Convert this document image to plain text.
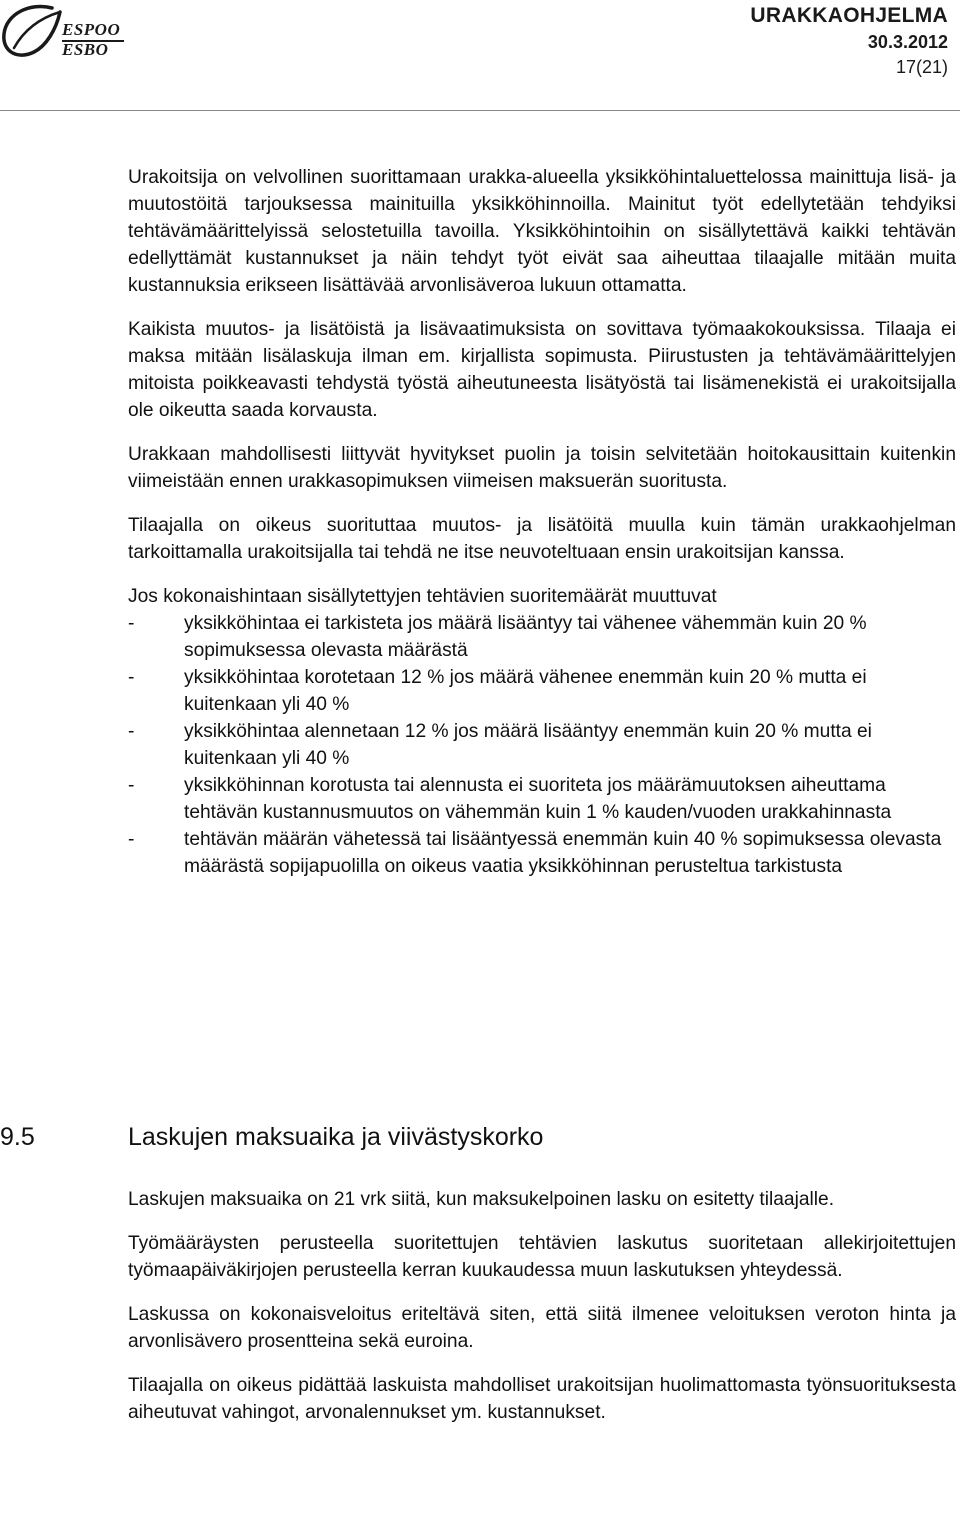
ESPOO
ESBO
URAKKAOHJELMA
30.3.2012
17(21)

Urakoitsija on velvollinen suorittamaan urakka-alueella yksikköhintaluettelossa mainittuja lisä- ja muutostöitä tarjouksessa mainituilla yksikköhinnoilla. Mainitut työt edellytetään tehdyiksi tehtävämäärittelyissä selostetuilla tavoilla. Yksikköhintoihin on sisällytettävä kaikki tehtävän edellyttämät kustannukset ja näin tehdyt työt eivät saa aiheuttaa tilaajalle mitään muita kustannuksia erikseen lisättävää arvonlisäveroa lukuun ottamatta.

Kaikista muutos- ja lisätöistä ja lisävaatimuksista on sovittava työmaakokouksissa. Tilaaja ei maksa mitään lisälaskuja ilman em. kirjallista sopimusta. Piirustusten ja tehtävämäärittelyjen mitoista poikkeavasti tehdystä työstä aiheutuneesta lisätyöstä tai lisämenekistä ei urakoitsijalla ole oikeutta saada korvausta.

Urakkaan mahdollisesti liittyvät hyvitykset puolin ja toisin selvitetään hoitokausittain kuitenkin viimeistään ennen urakkasopimuksen viimeisen maksuerän suoritusta.

Tilaajalla on oikeus suorituttaa muutos- ja lisätöitä muulla kuin tämän urakkaohjelman tarkoittamalla urakoitsijalla tai tehdä ne itse neuvoteltuaan ensin urakoitsijan kanssa.

Jos kokonaishintaan sisällytettyjen tehtävien suoritemäärät muuttuvat

-	yksikköhintaa ei tarkisteta jos määrä lisääntyy tai vähenee vähemmän kuin 20 % sopimuksessa olevasta määrästä
-	yksikköhintaa korotetaan 12 % jos määrä vähenee enemmän kuin 20 % mutta ei kuitenkaan yli 40 %
-	yksikköhintaa alennetaan 12 % jos määrä lisääntyy enemmän kuin 20 % mutta ei kuitenkaan yli 40 %
-	yksikköhinnan korotusta tai alennusta ei suoriteta jos määrämuutoksen aiheuttama tehtävän kustannusmuutos on vähemmän kuin 1 % kauden/vuoden urakkahinnasta
-	tehtävän määrän vähetessä tai lisääntyessä enemmän kuin 40 % sopimuksessa olevasta määrästä sopijapuolilla on oikeus vaatia yksikköhinnan perusteltua tarkistusta
9.5	Laskujen maksuaika ja viivästyskorko

Laskujen maksuaika on 21 vrk siitä, kun maksukelpoinen lasku on esitetty tilaajalle.

Työmääräysten perusteella suoritettujen tehtävien laskutus suoritetaan allekirjoitettujen työmaapäiväkirjojen perusteella kerran kuukaudessa muun laskutuksen yhteydessä.

Laskussa on kokonaisveloitus eriteltävä siten, että siitä ilmenee veloituksen veroton hinta ja arvonlisävero prosentteina sekä euroina.

Tilaajalla on oikeus pidättää laskuista mahdolliset urakoitsijan huolimattomasta työnsuorituksesta aiheutuvat vahingot, arvonalennukset ym. kustannukset.
